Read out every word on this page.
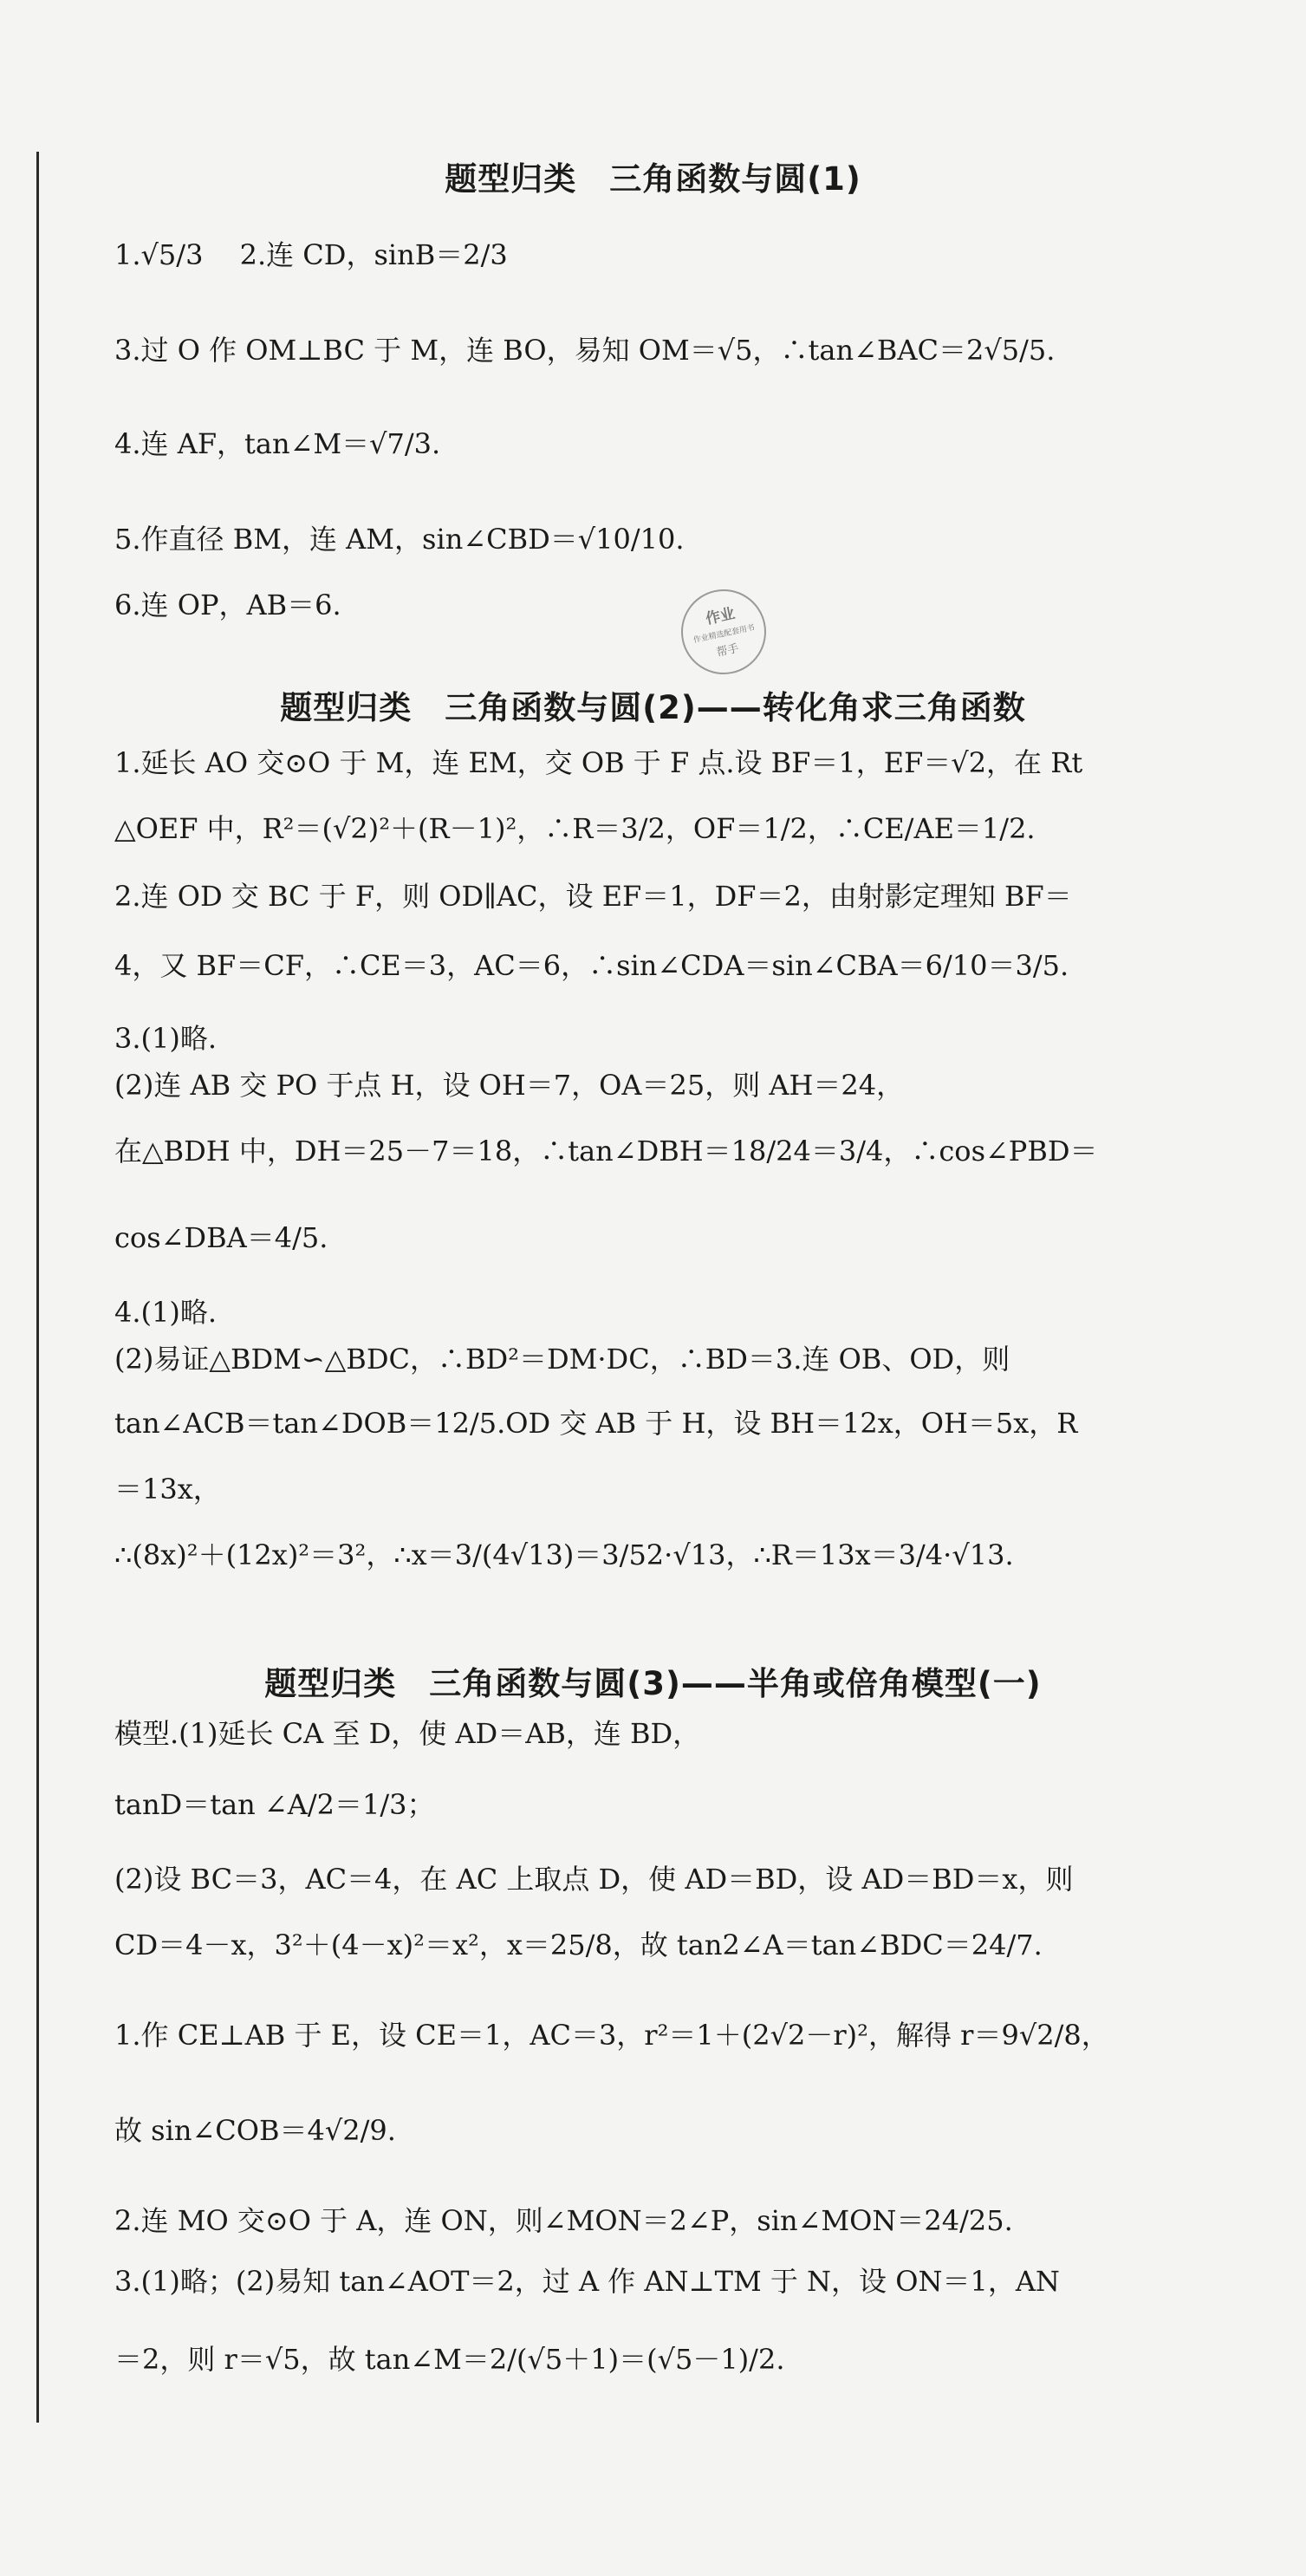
题型归类　三角函数与圆(1)
1.√5/3　 2.连 CD，sinB＝2/3
3.过 O 作 OM⊥BC 于 M，连 BO，易知 OM＝√5，∴tan∠BAC＝2√5/5.
4.连 AF，tan∠M＝√7/3.
5.作直径 BM，连 AM，sin∠CBD＝√10/10.
6.连 OP，AB＝6.	作业
作业精选配套用书
帮手
题型归类　三角函数与圆(2)——转化角求三角函数
1.延长 AO 交⊙O 于 M，连 EM，交 OB 于 F 点.设 BF＝1，EF＝√2，在 Rt
△OEF 中，R²＝(√2)²＋(R－1)²，∴R＝3/2，OF＝1/2，∴CE/AE＝1/2.
2.连 OD 交 BC 于 F，则 OD∥AC，设 EF＝1，DF＝2，由射影定理知 BF＝
4，又 BF＝CF，∴CE＝3，AC＝6，∴sin∠CDA＝sin∠CBA＝6/10＝3/5.
3.(1)略.
(2)连 AB 交 PO 于点 H，设 OH＝7，OA＝25，则 AH＝24，
在△BDH 中，DH＝25－7＝18，∴tan∠DBH＝18/24＝3/4，∴cos∠PBD＝
cos∠DBA＝4/5.
4.(1)略.
(2)易证△BDM∽△BDC，∴BD²＝DM·DC，∴BD＝3.连 OB、OD，则
tan∠ACB＝tan∠DOB＝12/5.OD 交 AB 于 H，设 BH＝12x，OH＝5x，R
＝13x，
∴(8x)²＋(12x)²＝3²，∴x＝3/(4√13)＝3/52·√13，∴R＝13x＝3/4·√13.
题型归类　三角函数与圆(3)——半角或倍角模型(一)
模型.(1)延长 CA 至 D，使 AD＝AB，连 BD，
tanD＝tan ∠A/2＝1/3；
(2)设 BC＝3，AC＝4，在 AC 上取点 D，使 AD＝BD，设 AD＝BD＝x，则
CD＝4－x，3²＋(4－x)²＝x²，x＝25/8，故 tan2∠A＝tan∠BDC＝24/7.
1.作 CE⊥AB 于 E，设 CE＝1，AC＝3，r²＝1＋(2√2－r)²，解得 r＝9√2/8，
故 sin∠COB＝4√2/9.
2.连 MO 交⊙O 于 A，连 ON，则∠MON＝2∠P，sin∠MON＝24/25.
3.(1)略；(2)易知 tan∠AOT＝2，过 A 作 AN⊥TM 于 N，设 ON＝1，AN
＝2，则 r＝√5，故 tan∠M＝2/(√5＋1)＝(√5－1)/2.
